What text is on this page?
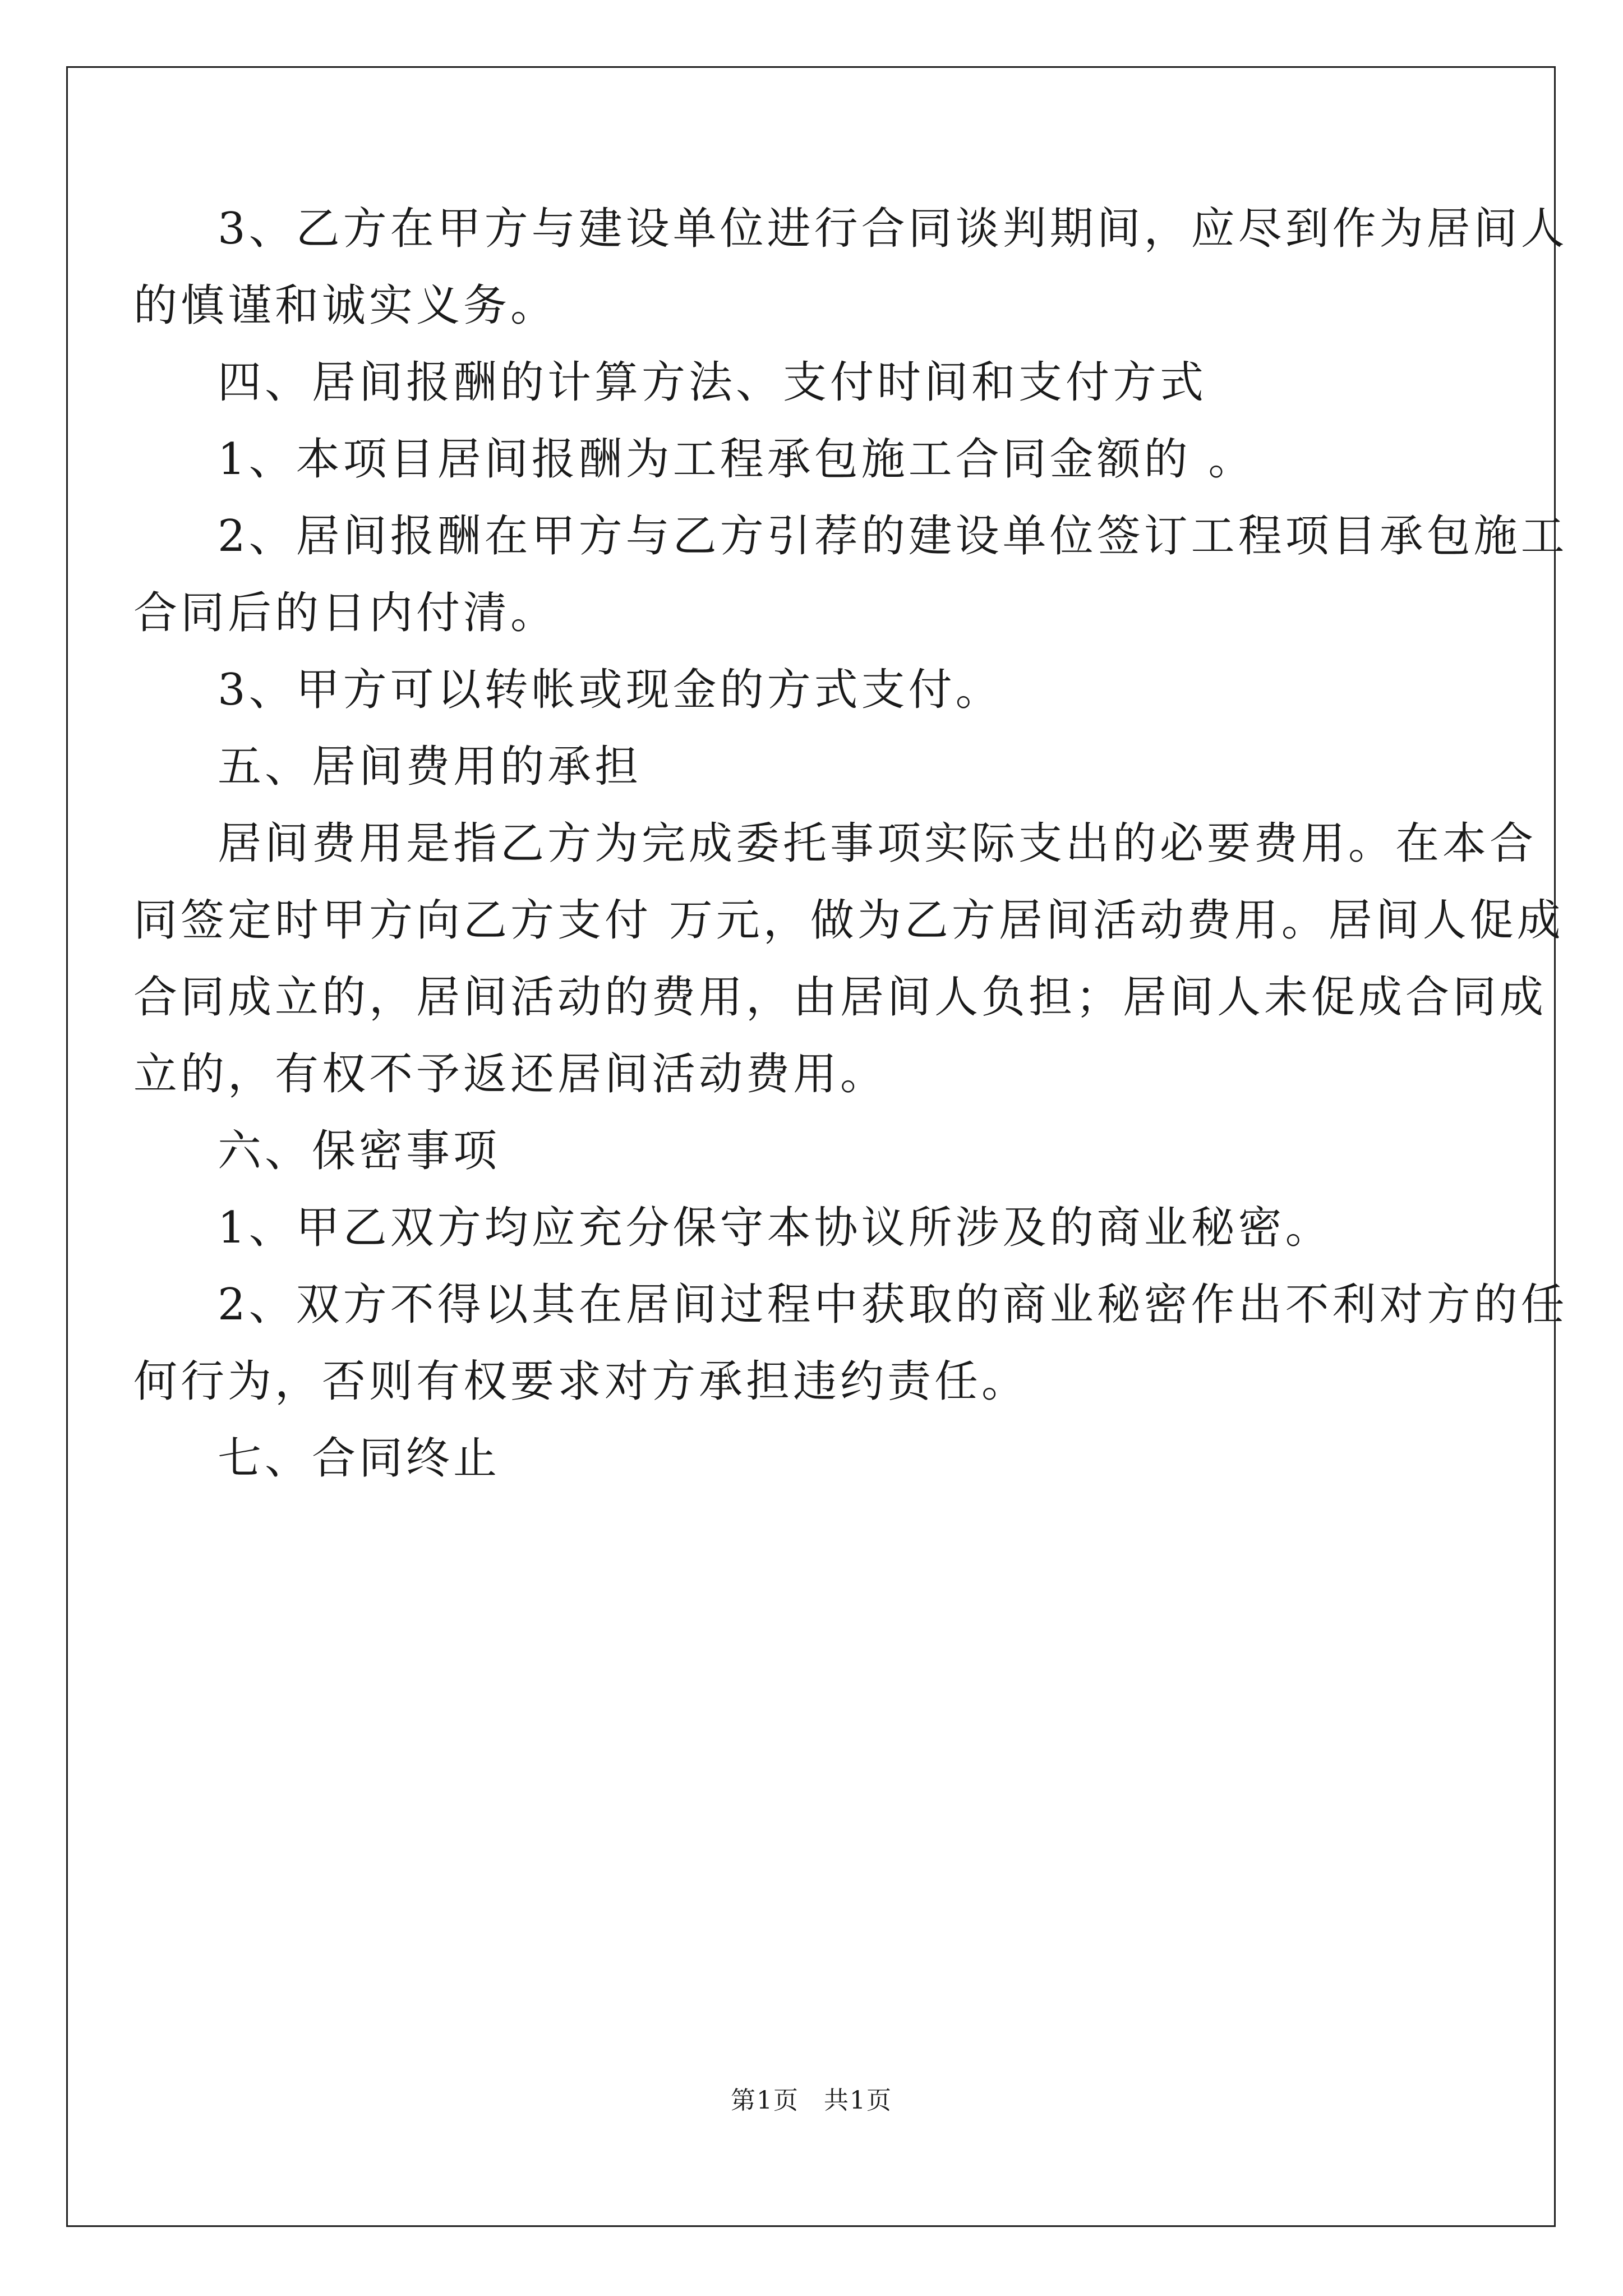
3、乙方在甲方与建设单位进行合同谈判期间，应尽到作为居间人
的慎谨和诚实义务。
四、居间报酬的计算方法、支付时间和支付方式
1、本项目居间报酬为工程承包施工合同金额的 。
2、居间报酬在甲方与乙方引荐的建设单位签订工程项目承包施工
合同后的日内付清。
3、甲方可以转帐或现金的方式支付。
五、居间费用的承担
居间费用是指乙方为完成委托事项实际支出的必要费用。在本合
同签定时甲方向乙方支付 万元，做为乙方居间活动费用。居间人促成
合同成立的，居间活动的费用，由居间人负担；居间人未促成合同成
立的，有权不予返还居间活动费用。
六、保密事项
1、甲乙双方均应充分保守本协议所涉及的商业秘密。
2、双方不得以其在居间过程中获取的商业秘密作出不利对方的任
何行为，否则有权要求对方承担违约责任。
七、合同终止
第1页 共1页
